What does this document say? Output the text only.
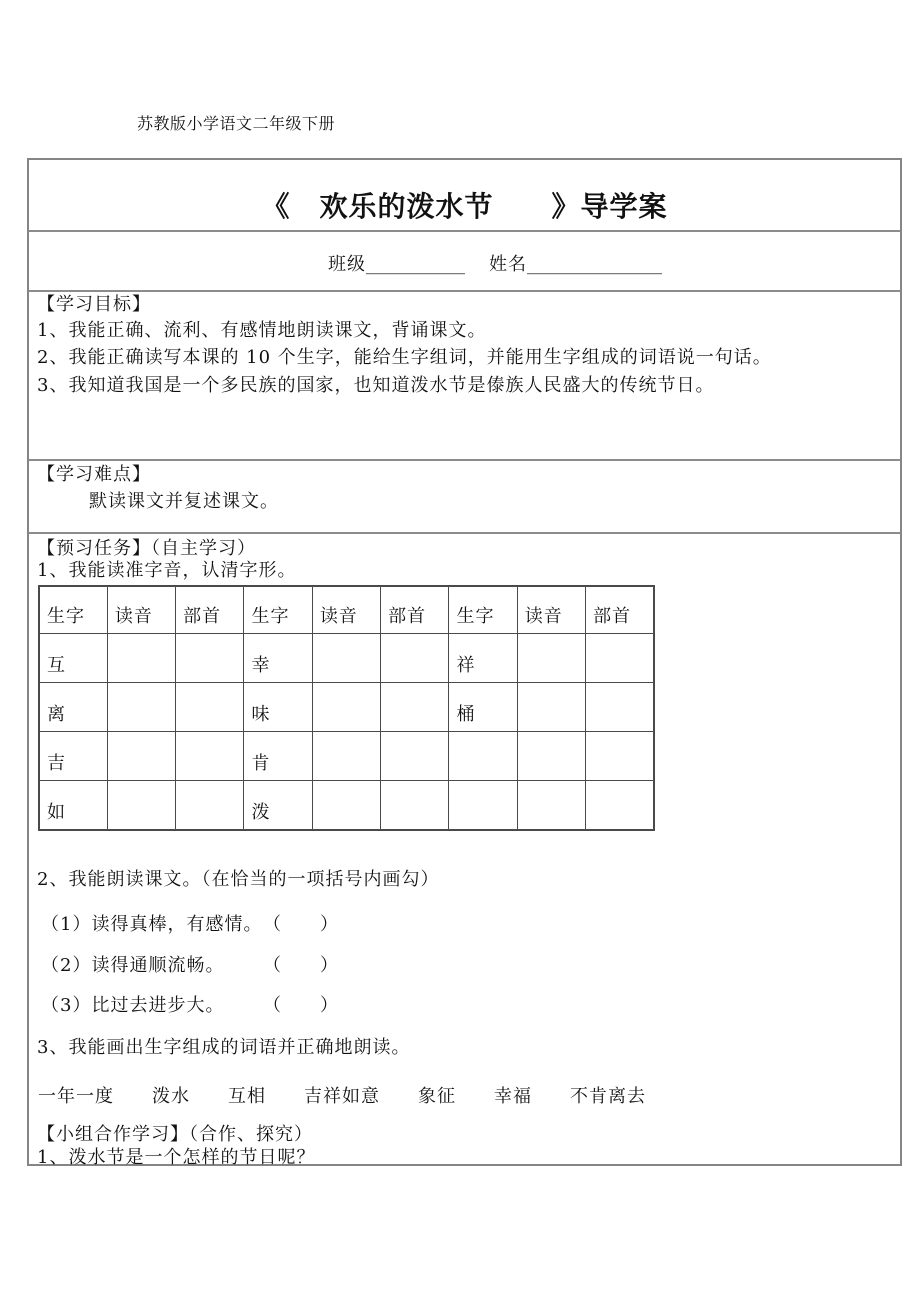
苏教版小学语文二年级下册
《　欢乐的泼水节　　》导学案
班级___________ 姓名_______________
【学习目标】
1、我能正确、流利、有感情地朗读课文，背诵课文。
2、我能正确读写本课的 10 个生字，能给生字组词，并能用生字组成的词语说一句话。
3、我知道我国是一个多民族的国家，也知道泼水节是傣族人民盛大的传统节日。
【学习难点】
默读课文并复述课文。
【预习任务】（自主学习）
1、我能读准字音，认清字形。
生字	读音	部首	生字	读音	部首	生字	读音	部首
互			幸			祥		
离			味			桶		
吉			肯					
如			泼					
2、我能朗读课文。（在恰当的一项括号内画勾）
（1）读得真棒，有感情。（　　）
（2）读得通顺流畅。 （　　）
（3）比过去进步大。 （　　）
3、我能画出生字组成的词语并正确地朗读。
一年一度 泼水 互相 吉祥如意 象征 幸福 不肯离去
【小组合作学习】（合作、探究）
1、泼水节是一个怎样的节日呢？
